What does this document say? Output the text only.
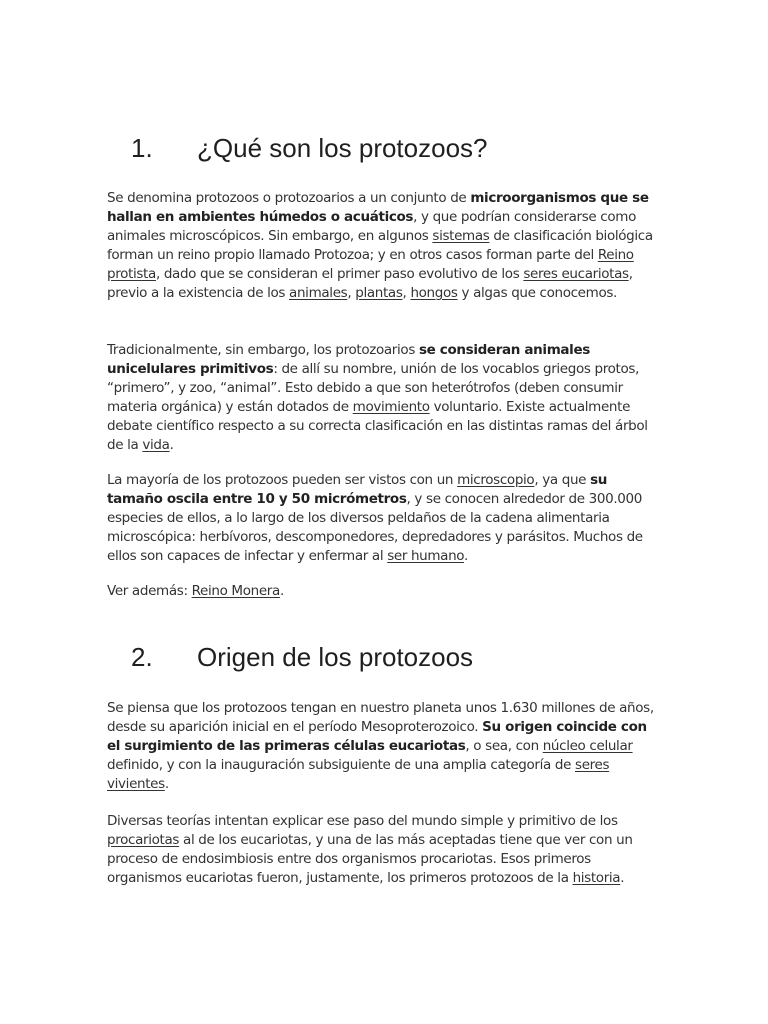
1.	¿Qué son los protozoos?

Se denomina protozoos o protozoarios a un conjunto de microorganismos que se hallan en ambientes húmedos o acuáticos, y que podrían considerarse como animales microscópicos. Sin embargo, en algunos sistemas de clasificación biológica forman un reino propio llamado Protozoa; y en otros casos forman parte del Reino protista, dado que se consideran el primer paso evolutivo de los seres eucariotas, previo a la existencia de los animales, plantas, hongos y algas que conocemos.

Tradicionalmente, sin embargo, los protozoarios se consideran animales unicelulares primitivos: de allí su nombre, unión de los vocablos griegos protos, “primero”, y zoo, “animal”. Esto debido a que son heterótrofos (deben consumir materia orgánica) y están dotados de movimiento voluntario. Existe actualmente debate científico respecto a su correcta clasificación en las distintas ramas del árbol de la vida.

La mayoría de los protozoos pueden ser vistos con un microscopio, ya que su tamaño oscila entre 10 y 50 micrómetros, y se conocen alrededor de 300.000 especies de ellos, a lo largo de los diversos peldaños de la cadena alimentaria microscópica: herbívoros, descomponedores, depredadores y parásitos. Muchos de ellos son capaces de infectar y enfermar al ser humano.

Ver además: Reino Monera.

2.	Origen de los protozoos

Se piensa que los protozoos tengan en nuestro planeta unos 1.630 millones de años, desde su aparición inicial en el período Mesoproterozoico. Su origen coincide con el surgimiento de las primeras células eucariotas, o sea, con núcleo celular definido, y con la inauguración subsiguiente de una amplia categoría de seres vivientes.

Diversas teorías intentan explicar ese paso del mundo simple y primitivo de los procariotas al de los eucariotas, y una de las más aceptadas tiene que ver con un proceso de endosimbiosis entre dos organismos procariotas. Esos primeros organismos eucariotas fueron, justamente, los primeros protozoos de la historia.
